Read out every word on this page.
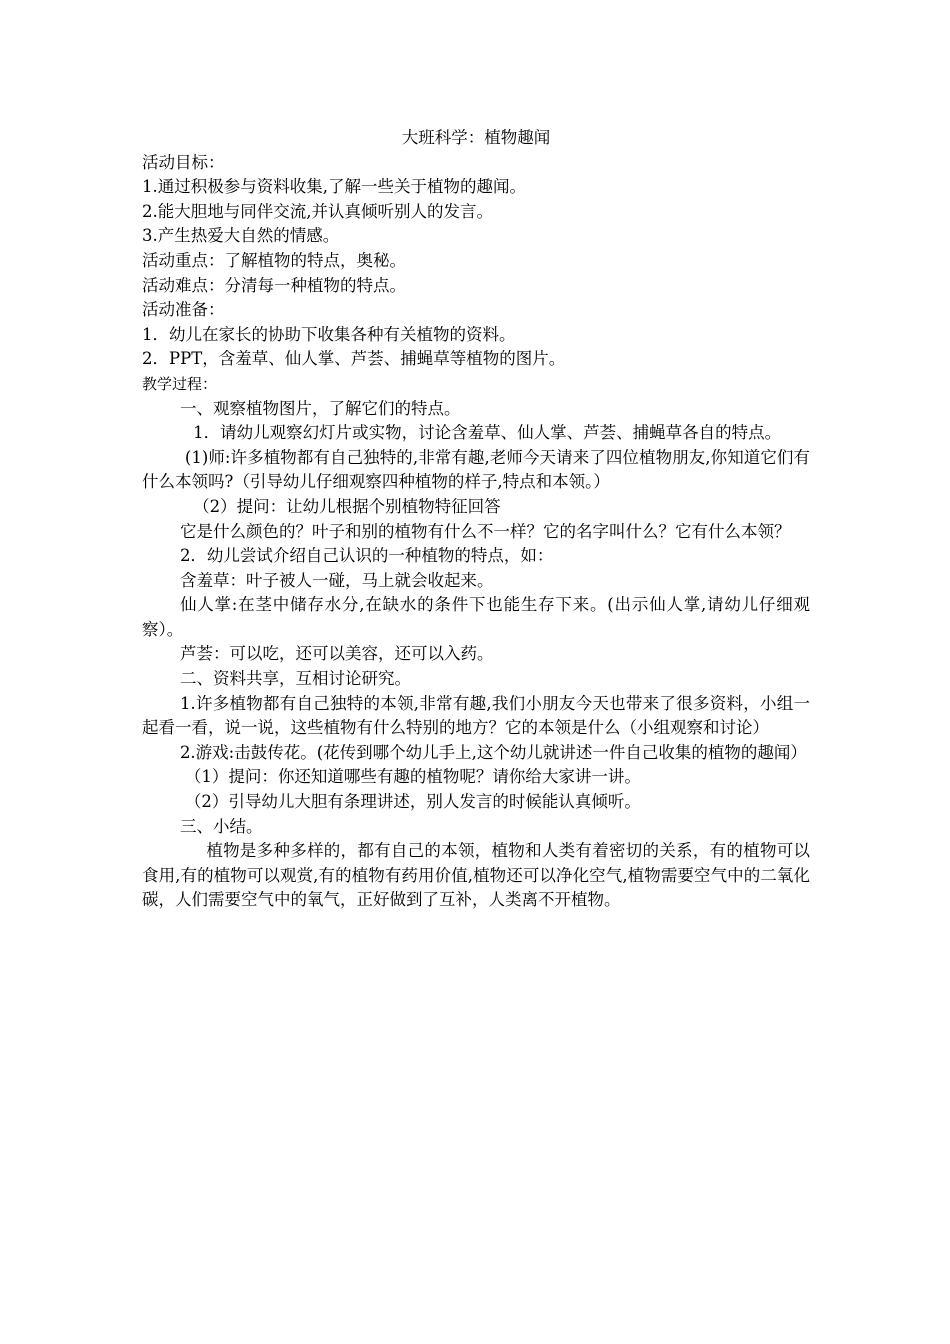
大班科学：植物趣闻

活动目标：

1.通过积极参与资料收集,了解一些关于植物的趣闻。

2.能大胆地与同伴交流,并认真倾听别人的发言。

3.产生热爱大自然的情感。

活动重点：了解植物的特点，奥秘。

活动难点：分清每一种植物的特点。

活动准备：

1．幼儿在家长的协助下收集各种有关植物的资料。

2．PPT，含羞草、仙人掌、芦荟、捕蝇草等植物的图片。

教学过程：

一、观察植物图片，了解它们的特点。

1．请幼儿观察幻灯片或实物，讨论含羞草、仙人掌、芦荟、捕蝇草各自的特点。

(1)师:许多植物都有自己独特的,非常有趣,老师今天请来了四位植物朋友,你知道它们有什么本领吗?（引导幼儿仔细观察四种植物的样子,特点和本领。）

（2）提问：让幼儿根据个别植物特征回答

它是什么颜色的？叶子和别的植物有什么不一样？它的名字叫什么？它有什么本领？

2．幼儿尝试介绍自己认识的一种植物的特点，如：

含羞草：叶子被人一碰，马上就会收起来。

仙人掌:在茎中储存水分,在缺水的条件下也能生存下来。(出示仙人掌,请幼儿仔细观察）。

芦荟：可以吃，还可以美容，还可以入药。

二、资料共享，互相讨论研究。

1.许多植物都有自己独特的本领,非常有趣,我们小朋友今天也带来了很多资料，小组一起看一看，说一说，这些植物有什么特别的地方？它的本领是什么（小组观察和讨论）

2.游戏:击鼓传花。(花传到哪个幼儿手上,这个幼儿就讲述一件自己收集的植物的趣闻）

（1）提问：你还知道哪些有趣的植物呢？请你给大家讲一讲。

（2）引导幼儿大胆有条理讲述，别人发言的时候能认真倾听。

三、小结。

植物是多种多样的，都有自己的本领，植物和人类有着密切的关系，有的植物可以食用,有的植物可以观赏,有的植物有药用价值,植物还可以净化空气,植物需要空气中的二氧化碳，人们需要空气中的氧气，正好做到了互补，人类离不开植物。
